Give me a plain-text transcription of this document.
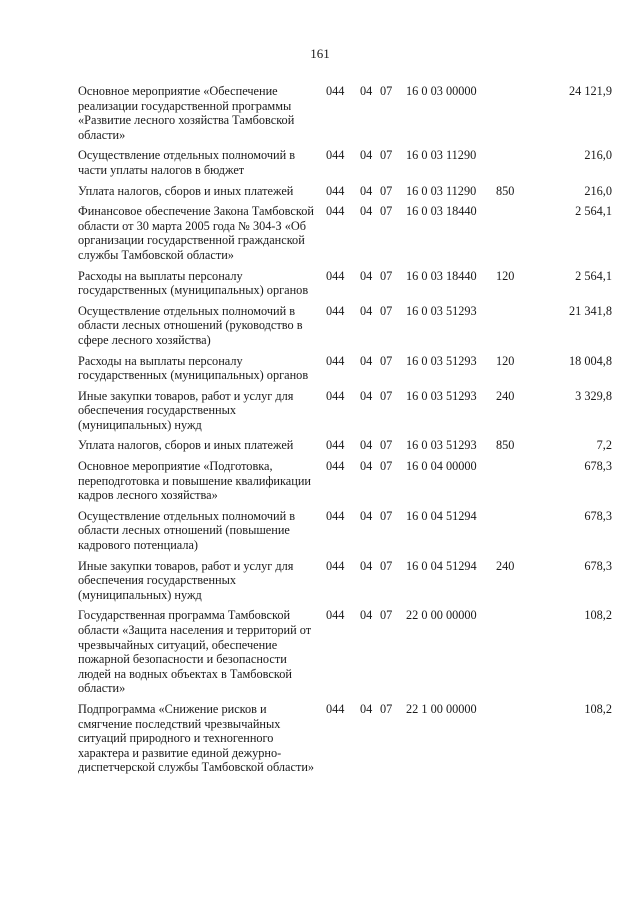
161
Основное мероприятие «Обеспечение реализации государственной программы «Развитие лесного хозяйства Тамбовской области»	044	04	07	16 0 03 00000		24 121,9
Осуществление отдельных полномочий в части уплаты налогов в бюджет	044	04	07	16 0 03 11290		216,0
Уплата налогов, сборов и иных платежей	044	04	07	16 0 03 11290	850	216,0
Финансовое обеспечение Закона Тамбовской области от 30 марта 2005 года № 304-З «Об организации государственной гражданской службы Тамбовской области»	044	04	07	16 0 03 18440		2 564,1
Расходы на выплаты персоналу государственных (муниципальных) органов	044	04	07	16 0 03 18440	120	2 564,1
Осуществление отдельных полномочий в области лесных отношений (руководство в сфере лесного хозяйства)	044	04	07	16 0 03 51293		21 341,8
Расходы на выплаты персоналу государственных (муниципальных) органов	044	04	07	16 0 03 51293	120	18 004,8
Иные закупки товаров, работ и услуг для обеспечения государственных (муниципальных) нужд	044	04	07	16 0 03 51293	240	3 329,8
Уплата налогов, сборов и иных платежей	044	04	07	16 0 03 51293	850	7,2
Основное мероприятие «Подготовка, переподготовка и повышение квалификации кадров лесного хозяйства»	044	04	07	16 0 04 00000		678,3
Осуществление отдельных полномочий в области лесных отношений (повышение кадрового потенциала)	044	04	07	16 0 04 51294		678,3
Иные закупки товаров, работ и услуг для обеспечения государственных (муниципальных) нужд	044	04	07	16 0 04 51294	240	678,3
Государственная программа Тамбовской области «Защита населения и территорий от чрезвычайных ситуаций, обеспечение пожарной безопасности и безопасности людей на водных объектах в Тамбовской области»	044	04	07	22 0 00 00000		108,2
Подпрограмма «Снижение рисков и смягчение последствий чрезвычайных ситуаций природного и техногенного характера и развитие единой дежурно-диспетчерской службы Тамбовской области»	044	04	07	22 1 00 00000		108,2
